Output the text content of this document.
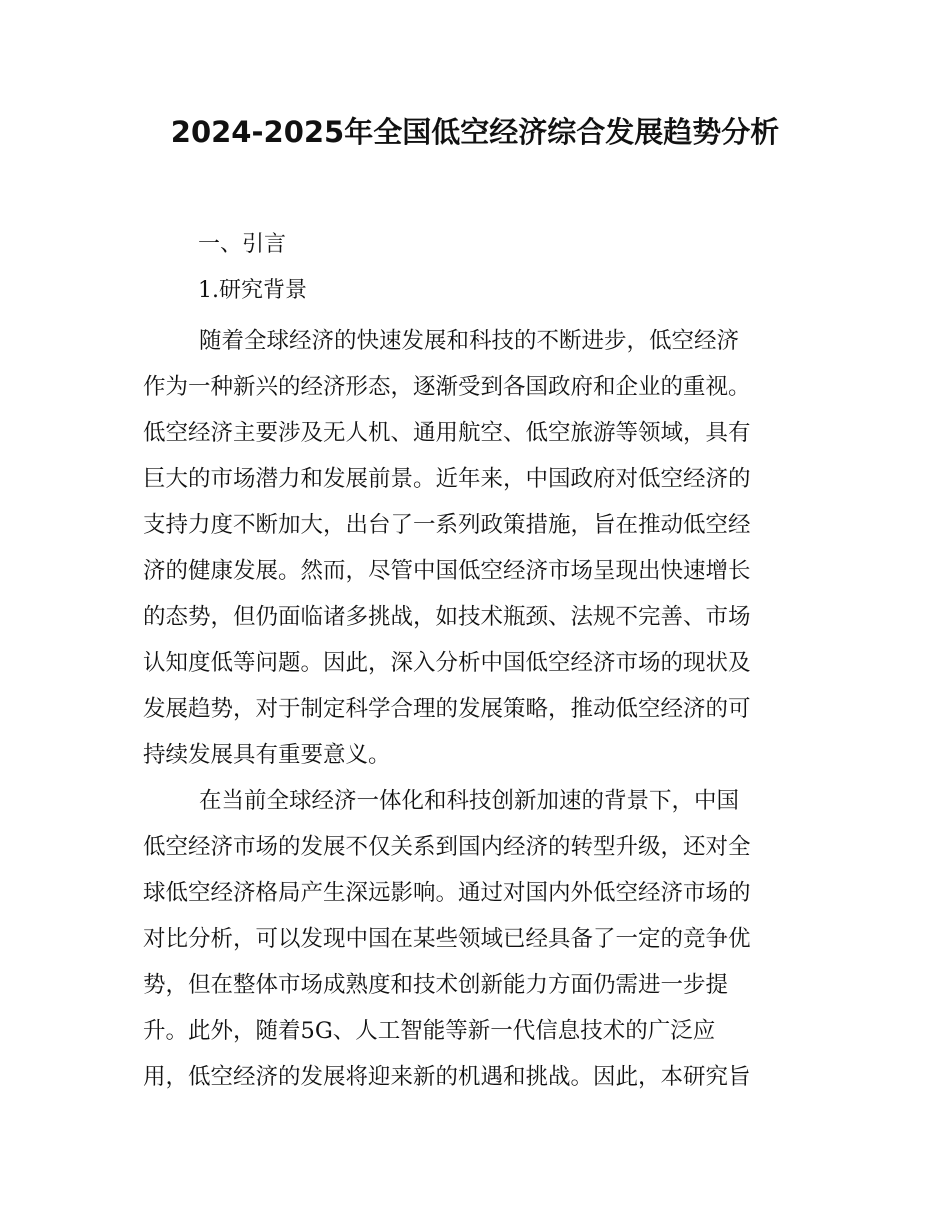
2024-2025年全国低空经济综合发展趋势分析
一、引言
1.研究背景
随着全球经济的快速发展和科技的不断进步，低空经济
作为一种新兴的经济形态，逐渐受到各国政府和企业的重视。
低空经济主要涉及无人机、通用航空、低空旅游等领域，具有
巨大的市场潜力和发展前景。近年来，中国政府对低空经济的
支持力度不断加大，出台了一系列政策措施，旨在推动低空经
济的健康发展。然而，尽管中国低空经济市场呈现出快速增长
的态势，但仍面临诸多挑战，如技术瓶颈、法规不完善、市场
认知度低等问题。因此，深入分析中国低空经济市场的现状及
发展趋势，对于制定科学合理的发展策略，推动低空经济的可
持续发展具有重要意义。
在当前全球经济一体化和科技创新加速的背景下，中国
低空经济市场的发展不仅关系到国内经济的转型升级，还对全
球低空经济格局产生深远影响。通过对国内外低空经济市场的
对比分析，可以发现中国在某些领域已经具备了一定的竞争优
势，但在整体市场成熟度和技术创新能力方面仍需进一步提
升。此外，随着5G、人工智能等新一代信息技术的广泛应
用，低空经济的发展将迎来新的机遇和挑战。因此，本研究旨
